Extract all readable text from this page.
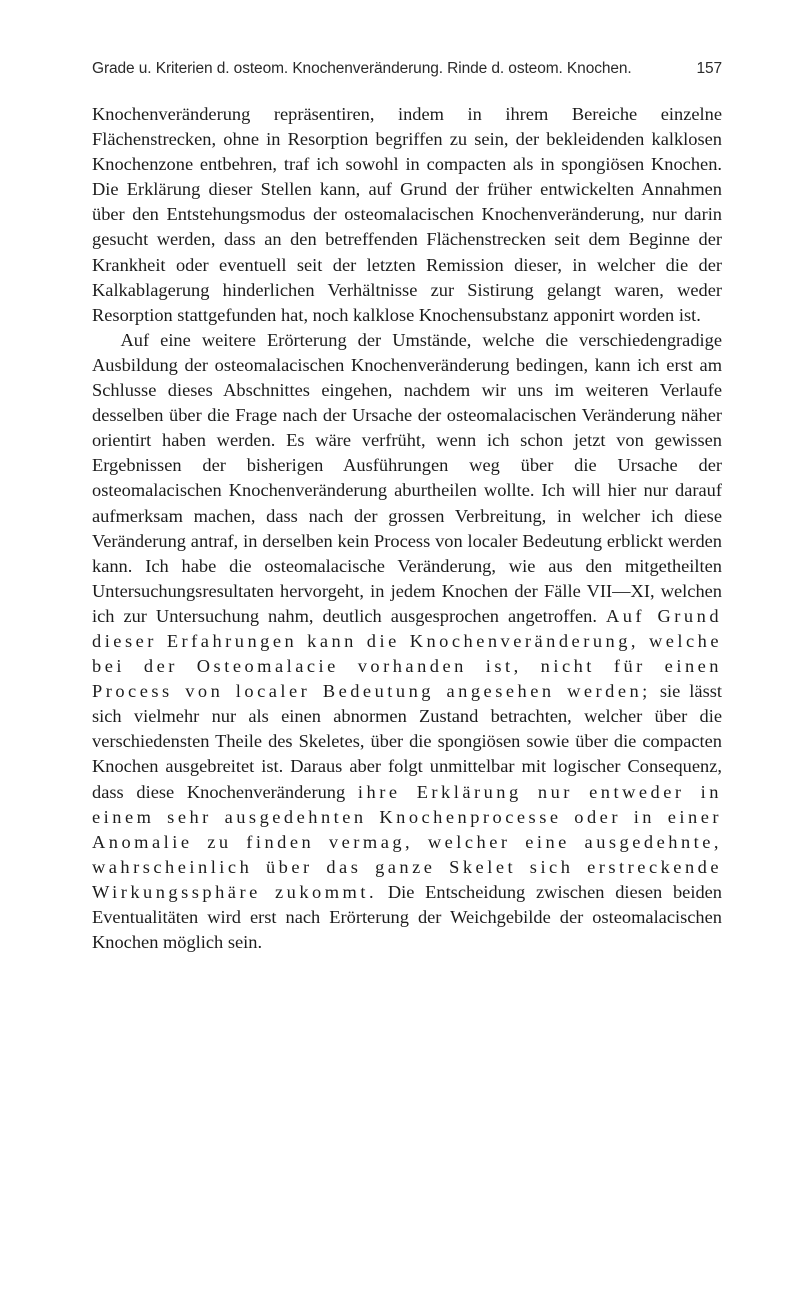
Grade u. Kriterien d. osteom. Knochenveränderung. Rinde d. osteom. Knochen.	157

Knochenveränderung repräsentiren, indem in ihrem Bereiche einzelne Flächenstrecken, ohne in Resorption begriffen zu sein, der bekleidenden kalklosen Knochenzone entbehren, traf ich sowohl in compacten als in spongiösen Knochen. Die Erklärung dieser Stellen kann, auf Grund der früher entwickelten Annahmen über den Entstehungsmodus der osteomalacischen Knochenveränderung, nur darin gesucht werden, dass an den betreffenden Flächenstrecken seit dem Beginne der Krankheit oder eventuell seit der letzten Remission dieser, in welcher die der Kalkablagerung hinderlichen Verhältnisse zur Sistirung gelangt waren, weder Resorption stattgefunden hat, noch kalklose Knochensubstanz apponirt worden ist.

Auf eine weitere Erörterung der Umstände, welche die verschiedengradige Ausbildung der osteomalacischen Knochenveränderung bedingen, kann ich erst am Schlusse dieses Abschnittes eingehen, nachdem wir uns im weiteren Verlaufe desselben über die Frage nach der Ursache der osteomalacischen Veränderung näher orientirt haben werden. Es wäre verfrüht, wenn ich schon jetzt von gewissen Ergebnissen der bisherigen Ausführungen weg über die Ursache der osteomalacischen Knochenveränderung aburtheilen wollte. Ich will hier nur darauf aufmerksam machen, dass nach der grossen Verbreitung, in welcher ich diese Veränderung antraf, in derselben kein Process von localer Bedeutung erblickt werden kann. Ich habe die osteomalacische Veränderung, wie aus den mitgetheilten Untersuchungsresultaten hervorgeht, in jedem Knochen der Fälle VII—XI, welchen ich zur Untersuchung nahm, deutlich ausgesprochen angetroffen. Auf Grund dieser Erfahrungen kann die Knochenveränderung, welche bei der Osteomalacie vorhanden ist, nicht für einen Process von localer Bedeutung angesehen werden; sie lässt sich vielmehr nur als einen abnormen Zustand betrachten, welcher über die verschiedensten Theile des Skeletes, über die spongiösen sowie über die compacten Knochen ausgebreitet ist. Daraus aber folgt unmittelbar mit logischer Consequenz, dass diese Knochenveränderung ihre Erklärung nur entweder in einem sehr ausgedehnten Knochenprocesse oder in einer Anomalie zu finden vermag, welcher eine ausgedehnte, wahrscheinlich über das ganze Skelet sich erstreckende Wirkungssphäre zukommt. Die Entscheidung zwischen diesen beiden Eventualitäten wird erst nach Erörterung der Weichgebilde der osteomalacischen Knochen möglich sein.
